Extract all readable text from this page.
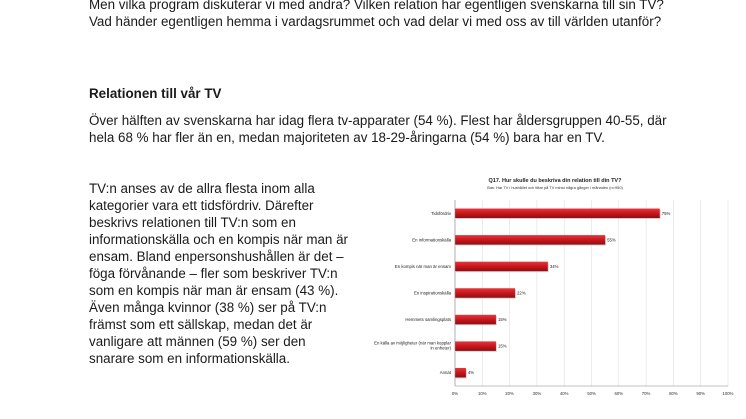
Men vilka program diskuterar vi med andra? Vilken relation har egentligen svenskarna till sin TV? Vad händer egentligen hemma i vardagsrummet och vad delar vi med oss av till världen utanför?

Relationen till vår TV

Över hälften av svenskarna har idag flera tv-apparater (54 %). Flest har åldersgruppen 40-55, där hela 68 % har fler än en, medan majoriteten av 18-29-åringarna (54 %) bara har en TV.

TV:n anses av de allra flesta inom alla kategorier vara ett tidsfördriv. Därefter beskrivs relationen till TV:n som en informationskälla och en kompis när man är ensam. Bland enpersonshushållen är det – föga förvånande – fler som beskriver TV:n som en kompis när man är ensam (43 %). Även många kvinnor (38 %) ser på TV:n främst som ett sällskap, medan det är vanligare att männen (59 %) ser den snarare som en informationskälla.

Q17. Hur skulle du beskriva din relation till din TV?
Bas: Har TV i hushållet och tittar på TV minst några gånger i månaden (n=950)
Tidsfördriv	75%
En informationskälla	55%
En kompis när man är ensam	34%
En inspirationskälla	22%
Hemmets samlingsplats	15%
En källa av möjligheter (när man kopplar in enheter)	15%
Annat	4%
0%	10%	20%	30%	40%	50%	60%	70%	80%	90%	100%
